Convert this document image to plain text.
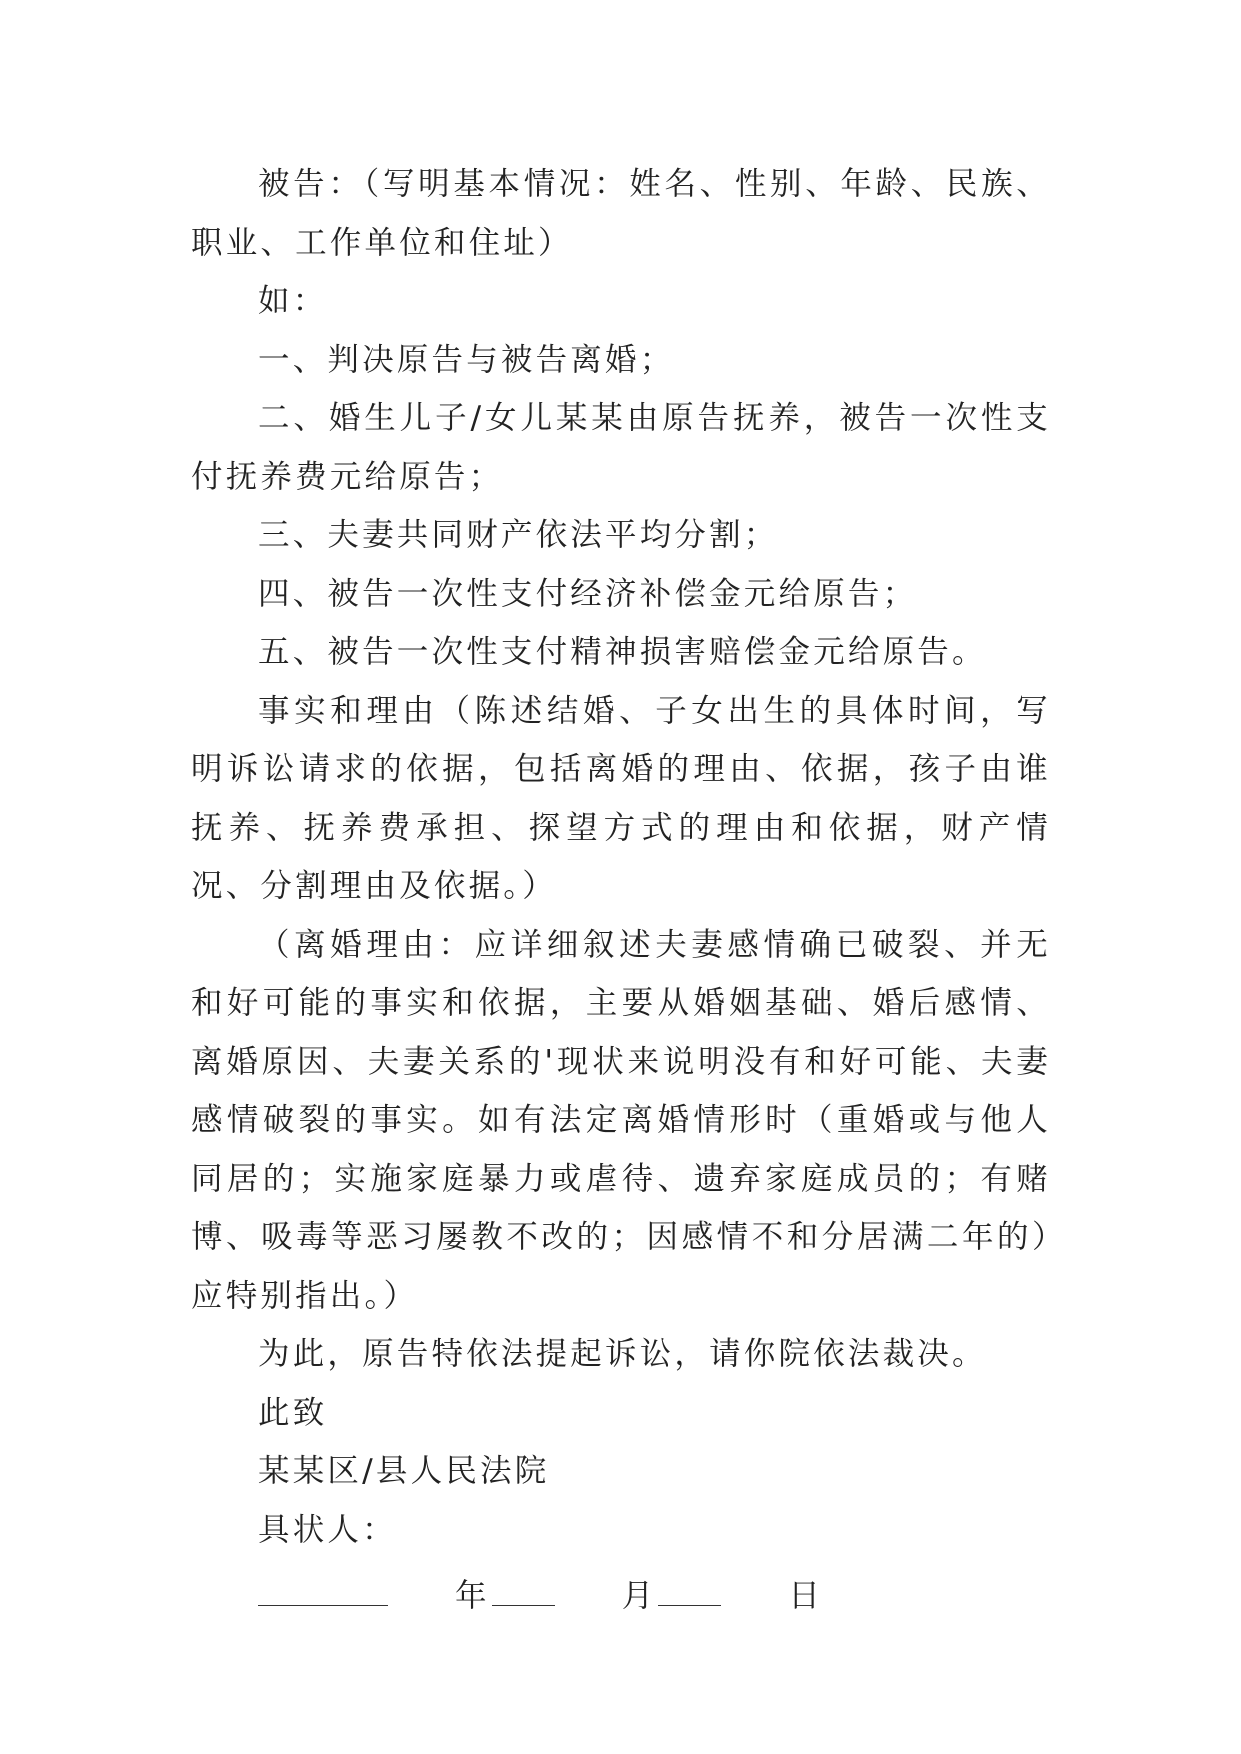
被告：（写明基本情况：姓名、性别、年龄、民族、职业、工作单位和住址）

如：

一、判决原告与被告离婚；

二、婚生儿子/女儿某某由原告抚养，被告一次性支付抚养费元给原告；

三、夫妻共同财产依法平均分割；

四、被告一次性支付经济补偿金元给原告；

五、被告一次性支付精神损害赔偿金元给原告。

事实和理由（陈述结婚、子女出生的具体时间，写明诉讼请求的依据，包括离婚的理由、依据，孩子由谁抚养、抚养费承担、探望方式的理由和依据，财产情况、分割理由及依据。）

（离婚理由：应详细叙述夫妻感情确已破裂、并无和好可能的事实和依据，主要从婚姻基础、婚后感情、离婚原因、夫妻关系的'现状来说明没有和好可能、夫妻感情破裂的事实。如有法定离婚情形时（重婚或与他人同居的；实施家庭暴力或虐待、遗弃家庭成员的；有赌博、吸毒等恶习屡教不改的；因感情不和分居满二年的）应特别指出。）

为此，原告特依法提起诉讼，请你院依法裁决。

此致

某某区/县人民法院

具状人：

年	月	日
